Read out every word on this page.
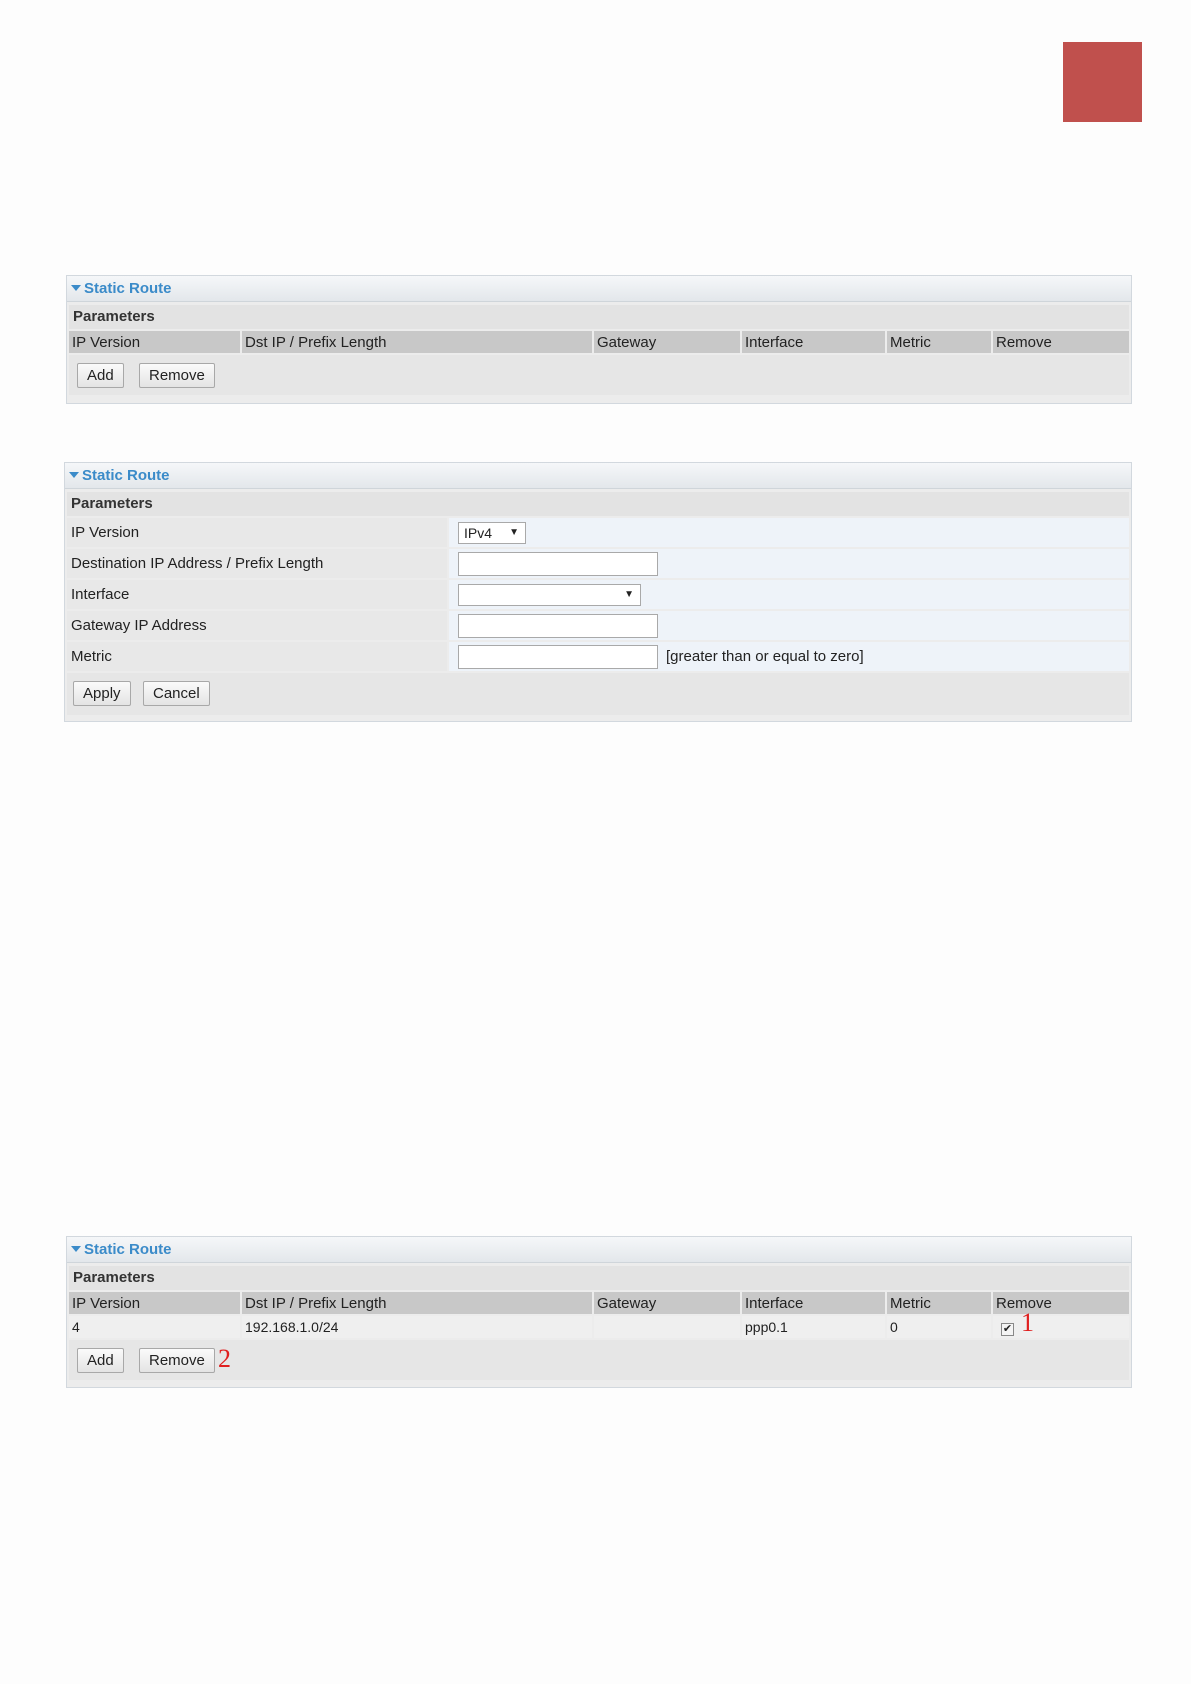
Static Route
Parameters
IP Version	Dst IP / Prefix Length	Gateway	Interface	Metric	Remove
Add	Remove
Static Route
Parameters
IP Version	IPv4 ▼
Destination IP Address / Prefix Length
Interface	▼
Gateway IP Address
Metric	[greater than or equal to zero]
Apply	Cancel
Static Route
Parameters
IP Version	Dst IP / Prefix Length	Gateway	Interface	Metric	Remove
4	192.168.1.0/24		ppp0.1	0	✔ 1
Add	Remove 2
